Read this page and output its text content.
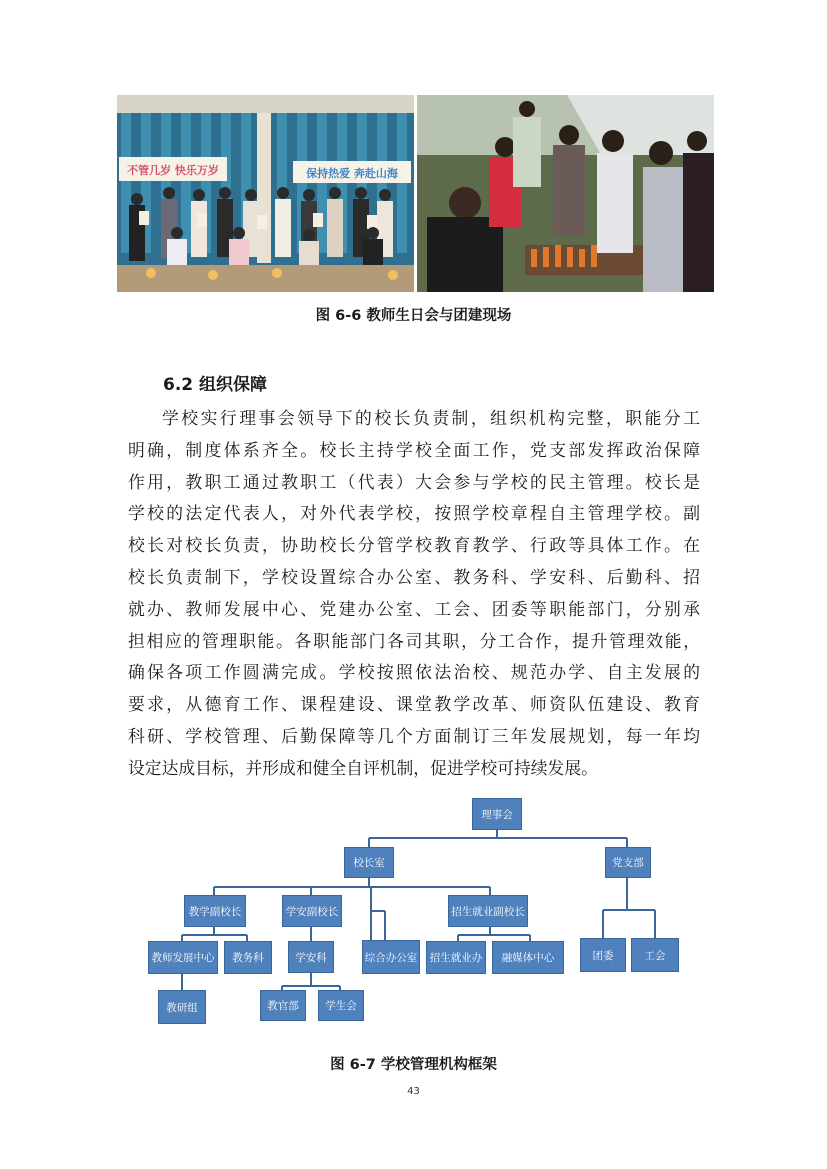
不管几岁 快乐万岁	保持热爱 奔赴山海
图 6-6 教师生日会与团建现场
6.2 组织保障
学校实行理事会领导下的校长负责制，组织机构完整，职能分工
明确，制度体系齐全。校长主持学校全面工作，党支部发挥政治保障
作用，教职工通过教职工（代表）大会参与学校的民主管理。校长是
学校的法定代表人，对外代表学校，按照学校章程自主管理学校。副
校长对校长负责，协助校长分管学校教育教学、行政等具体工作。在
校长负责制下，学校设置综合办公室、教务科、学安科、后勤科、招
就办、教师发展中心、党建办公室、工会、团委等职能部门，分别承
担相应的管理职能。各职能部门各司其职，分工合作，提升管理效能，
确保各项工作圆满完成。学校按照依法治校、规范办学、自主发展的
要求，从德育工作、课程建设、课堂教学改革、师资队伍建设、教育
科研、学校管理、后勤保障等几个方面制订三年发展规划，每一年均
设定达成目标，并形成和健全自评机制，促进学校可持续发展。
理事会
校长室	党支部
教学副校长	学安副校长	招生就业副校长
教师发展中心	教务科	学安科	综合办公室	招生就业办	融媒体中心	团委	工会
教研组	教官部	学生会
图 6-7 学校管理机构框架
43
